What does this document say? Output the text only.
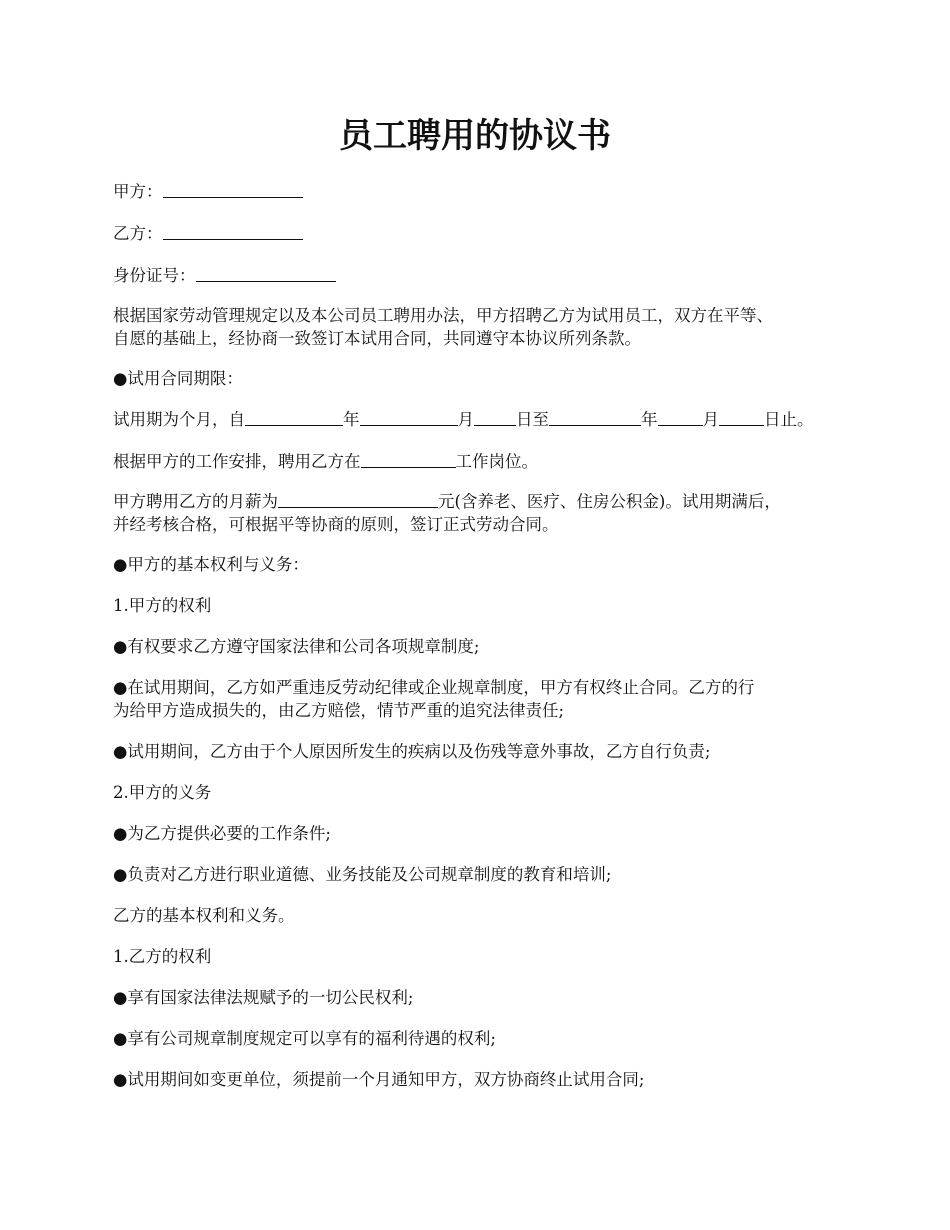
员工聘用的协议书

甲方：

乙方：

身份证号：

根据国家劳动管理规定以及本公司员工聘用办法，甲方招聘乙方为试用员工，双方在平等、

自愿的基础上，经协商一致签订本试用合同，共同遵守本协议所列条款。

●试用合同期限：

试用期为个月，自	年	月	日至	年	月	日止。

根据甲方的工作安排，聘用乙方在	工作岗位。

甲方聘用乙方的月薪为	元(含养老、医疗、住房公积金)。试用期满后，

并经考核合格，可根据平等协商的原则，签订正式劳动合同。

●甲方的基本权利与义务：

1.甲方的权利

●有权要求乙方遵守国家法律和公司各项规章制度;

●在试用期间，乙方如严重违反劳动纪律或企业规章制度，甲方有权终止合同。乙方的行

为给甲方造成损失的，由乙方赔偿，情节严重的追究法律责任;

●试用期间，乙方由于个人原因所发生的疾病以及伤残等意外事故，乙方自行负责;

2.甲方的义务

●为乙方提供必要的工作条件;

●负责对乙方进行职业道德、业务技能及公司规章制度的教育和培训;

乙方的基本权利和义务。

1.乙方的权利

●享有国家法律法规赋予的一切公民权利;

●享有公司规章制度规定可以享有的福利待遇的权利;

●试用期间如变更单位，须提前一个月通知甲方，双方协商终止试用合同;
